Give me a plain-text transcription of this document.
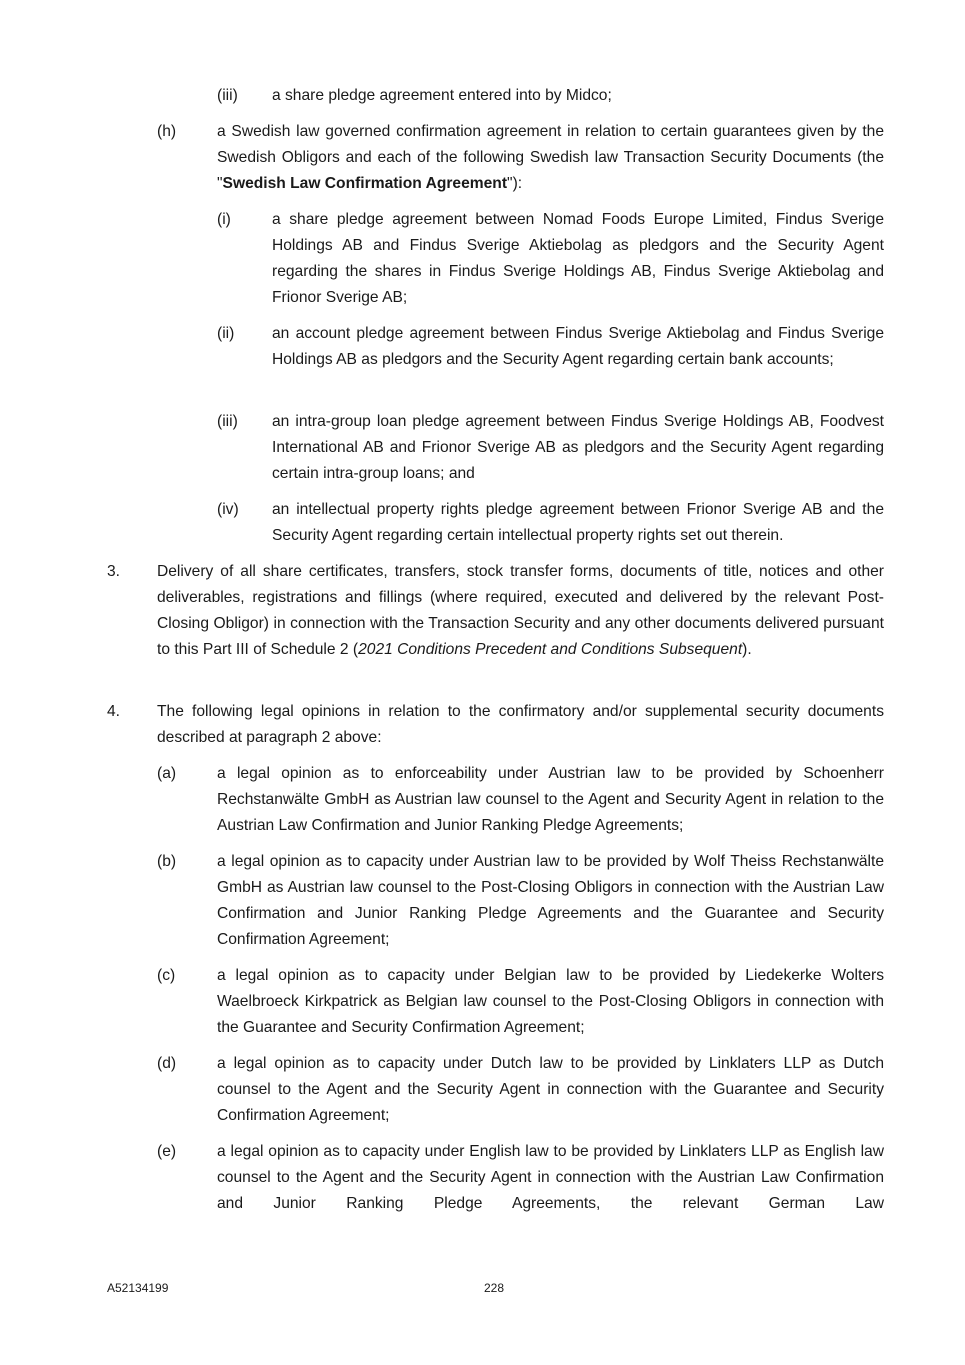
(iii) a share pledge agreement entered into by Midco;
(h)	a Swedish law governed confirmation agreement in relation to certain guarantees given by the Swedish Obligors and each of the following Swedish law Transaction Security Documents (the "Swedish Law Confirmation Agreement"):
(i)	a share pledge agreement between Nomad Foods Europe Limited, Findus Sverige Holdings AB and Findus Sverige Aktiebolag as pledgors and the Security Agent regarding the shares in Findus Sverige Holdings AB, Findus Sverige Aktiebolag and Frionor Sverige AB;
(ii) an account pledge agreement between Findus Sverige Aktiebolag and Findus Sverige Holdings AB as pledgors and the Security Agent regarding certain bank accounts;
(iii) an intra-group loan pledge agreement between Findus Sverige Holdings AB, Foodvest International AB and Frionor Sverige AB as pledgors and the Security Agent regarding certain intra-group loans; and
(iv) an intellectual property rights pledge agreement between Frionor Sverige AB and the Security Agent regarding certain intellectual property rights set out therein.
3. Delivery of all share certificates, transfers, stock transfer forms, documents of title, notices and other deliverables, registrations and fillings (where required, executed and delivered by the relevant Post-Closing Obligor) in connection with the Transaction Security and any other documents delivered pursuant to this Part III of Schedule 2 (2021 Conditions Precedent and Conditions Subsequent).
4. The following legal opinions in relation to the confirmatory and/or supplemental security documents described at paragraph 2 above:
(a)	a legal opinion as to enforceability under Austrian law to be provided by Schoenherr Rechstanwälte GmbH as Austrian law counsel to the Agent and Security Agent in relation to the Austrian Law Confirmation and Junior Ranking Pledge Agreements;
(b)	a legal opinion as to capacity under Austrian law to be provided by Wolf Theiss Rechstanwälte GmbH as Austrian law counsel to the Post-Closing Obligors in connection with the Austrian Law Confirmation and Junior Ranking Pledge Agreements and the Guarantee and Security Confirmation Agreement;
(c)	a legal opinion as to capacity under Belgian law to be provided by Liedekerke Wolters Waelbroeck Kirkpatrick as Belgian law counsel to the Post-Closing Obligors in connection with the Guarantee and Security Confirmation Agreement;
(d)	a legal opinion as to capacity under Dutch law to be provided by Linklaters LLP as Dutch counsel to the Agent and the Security Agent in connection with the Guarantee and Security Confirmation Agreement;
(e)	a legal opinion as to capacity under English law to be provided by Linklaters LLP as English law counsel to the Agent and the Security Agent in connection with the Austrian Law Confirmation and Junior Ranking Pledge Agreements, the relevant German Law
A52134199	228
